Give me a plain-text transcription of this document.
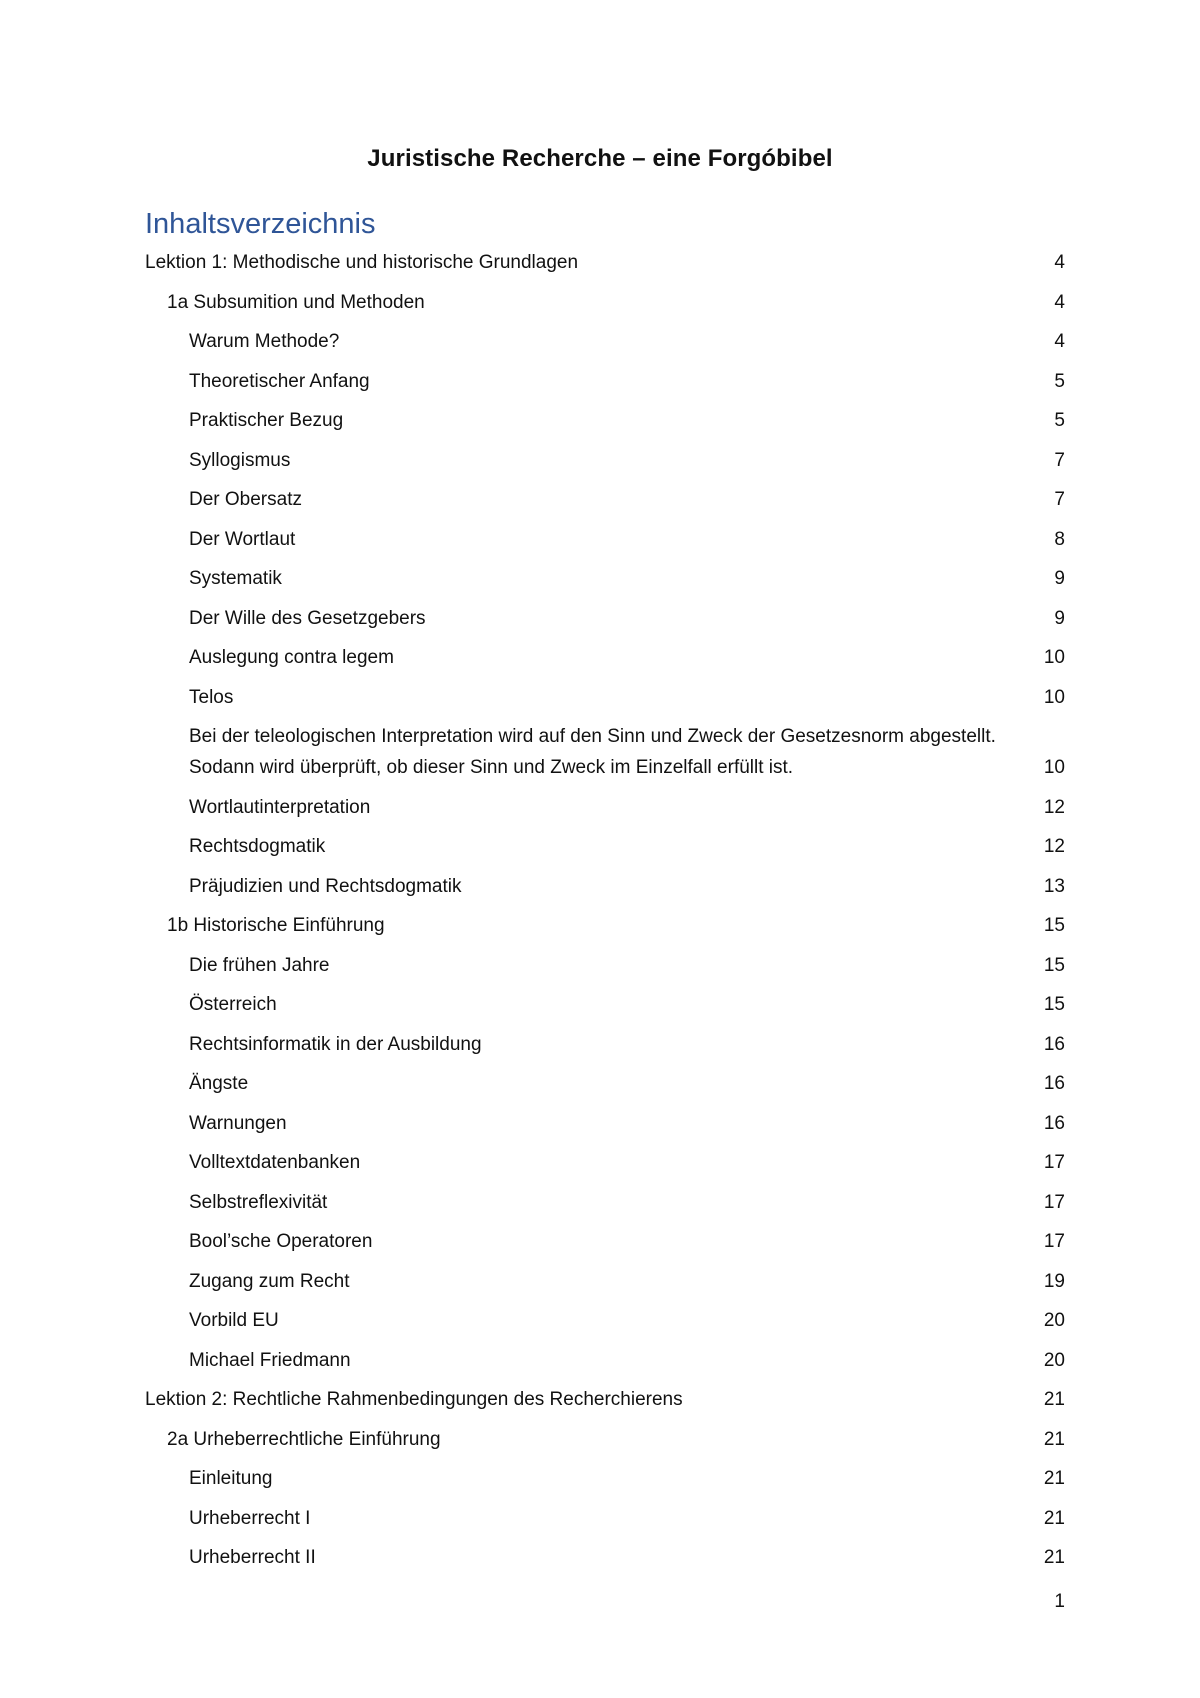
Juristische Recherche – eine Forgóbibel
Inhaltsverzeichnis
Lektion 1: Methodische und historische Grundlagen	4
1a Subsumition und Methoden	4
Warum Methode?	4
Theoretischer Anfang	5
Praktischer Bezug	5
Syllogismus	7
Der Obersatz	7
Der Wortlaut	8
Systematik	9
Der Wille des Gesetzgebers	9
Auslegung contra legem	10
Telos	10
Bei der teleologischen Interpretation wird auf den Sinn und Zweck der Gesetzesnorm abgestellt. Sodann wird überprüft, ob dieser Sinn und Zweck im Einzelfall erfüllt ist.	10
Wortlautinterpretation	12
Rechtsdogmatik	12
Präjudizien und Rechtsdogmatik	13
1b Historische Einführung	15
Die frühen Jahre	15
Österreich	15
Rechtsinformatik in der Ausbildung	16
Ängste	16
Warnungen	16
Volltextdatenbanken	17
Selbstreflexivität	17
Bool’sche Operatoren	17
Zugang zum Recht	19
Vorbild EU	20
Michael Friedmann	20
Lektion 2: Rechtliche Rahmenbedingungen des Recherchierens	21
2a Urheberrechtliche Einführung	21
Einleitung	21
Urheberrecht I	21
Urheberrecht II	21
1
